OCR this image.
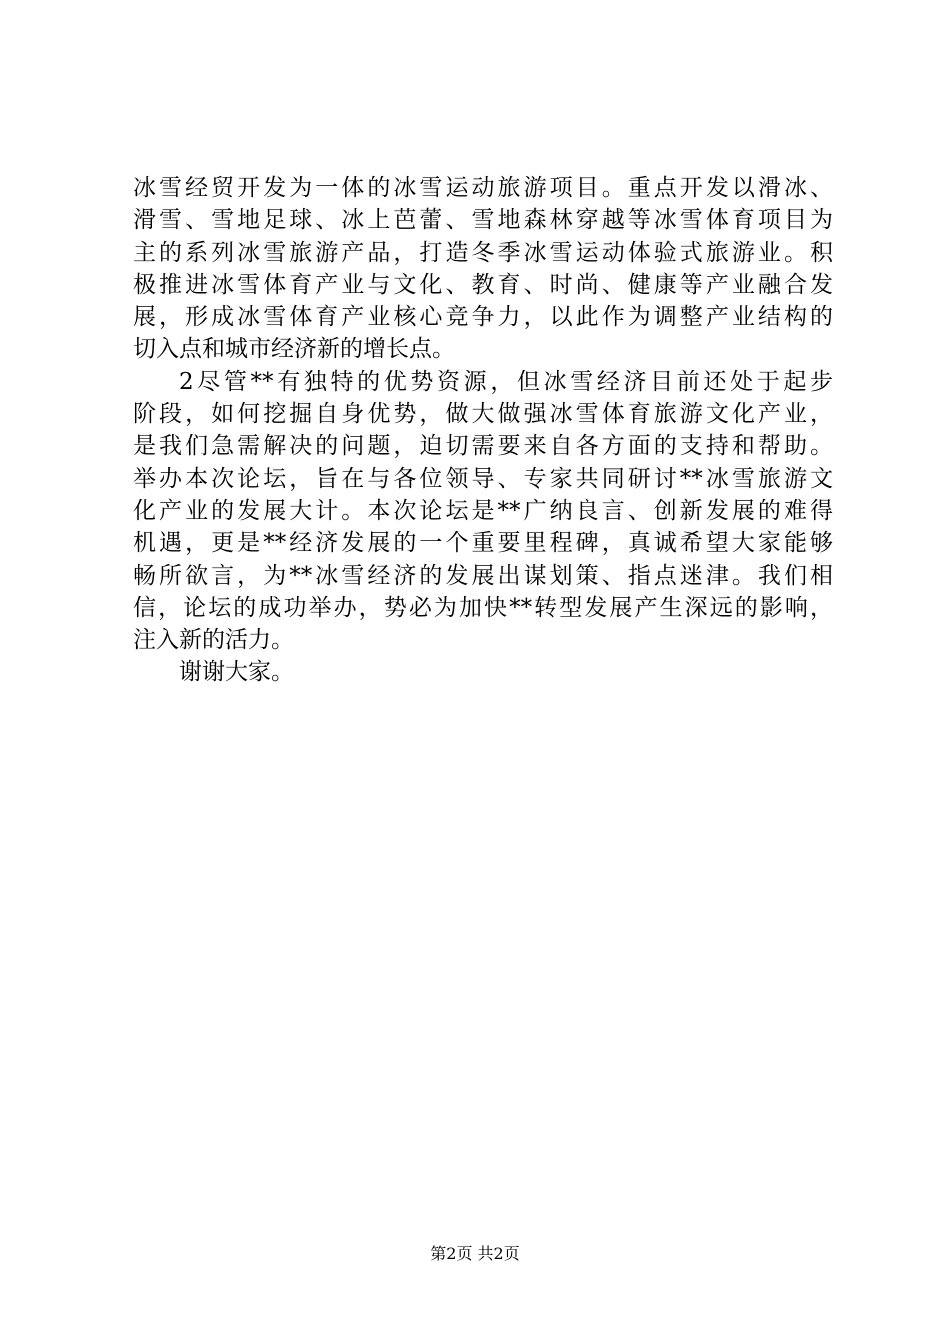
冰雪经贸开发为一体的冰雪运动旅游项目。重点开发以滑冰、
滑雪、雪地足球、冰上芭蕾、雪地森林穿越等冰雪体育项目为
主的系列冰雪旅游产品，打造冬季冰雪运动体验式旅游业。积
极推进冰雪体育产业与文化、教育、时尚、健康等产业融合发
展，形成冰雪体育产业核心竞争力，以此作为调整产业结构的
切入点和城市经济新的增长点。
2尽管**有独特的优势资源，但冰雪经济目前还处于起步
阶段，如何挖掘自身优势，做大做强冰雪体育旅游文化产业，
是我们急需解决的问题，迫切需要来自各方面的支持和帮助。
举办本次论坛，旨在与各位领导、专家共同研讨**冰雪旅游文
化产业的发展大计。本次论坛是**广纳良言、创新发展的难得
机遇，更是**经济发展的一个重要里程碑，真诚希望大家能够
畅所欲言，为**冰雪经济的发展出谋划策、指点迷津。我们相
信，论坛的成功举办，势必为加快**转型发展产生深远的影响，
注入新的活力。
谢谢大家。
第2页 共2页
